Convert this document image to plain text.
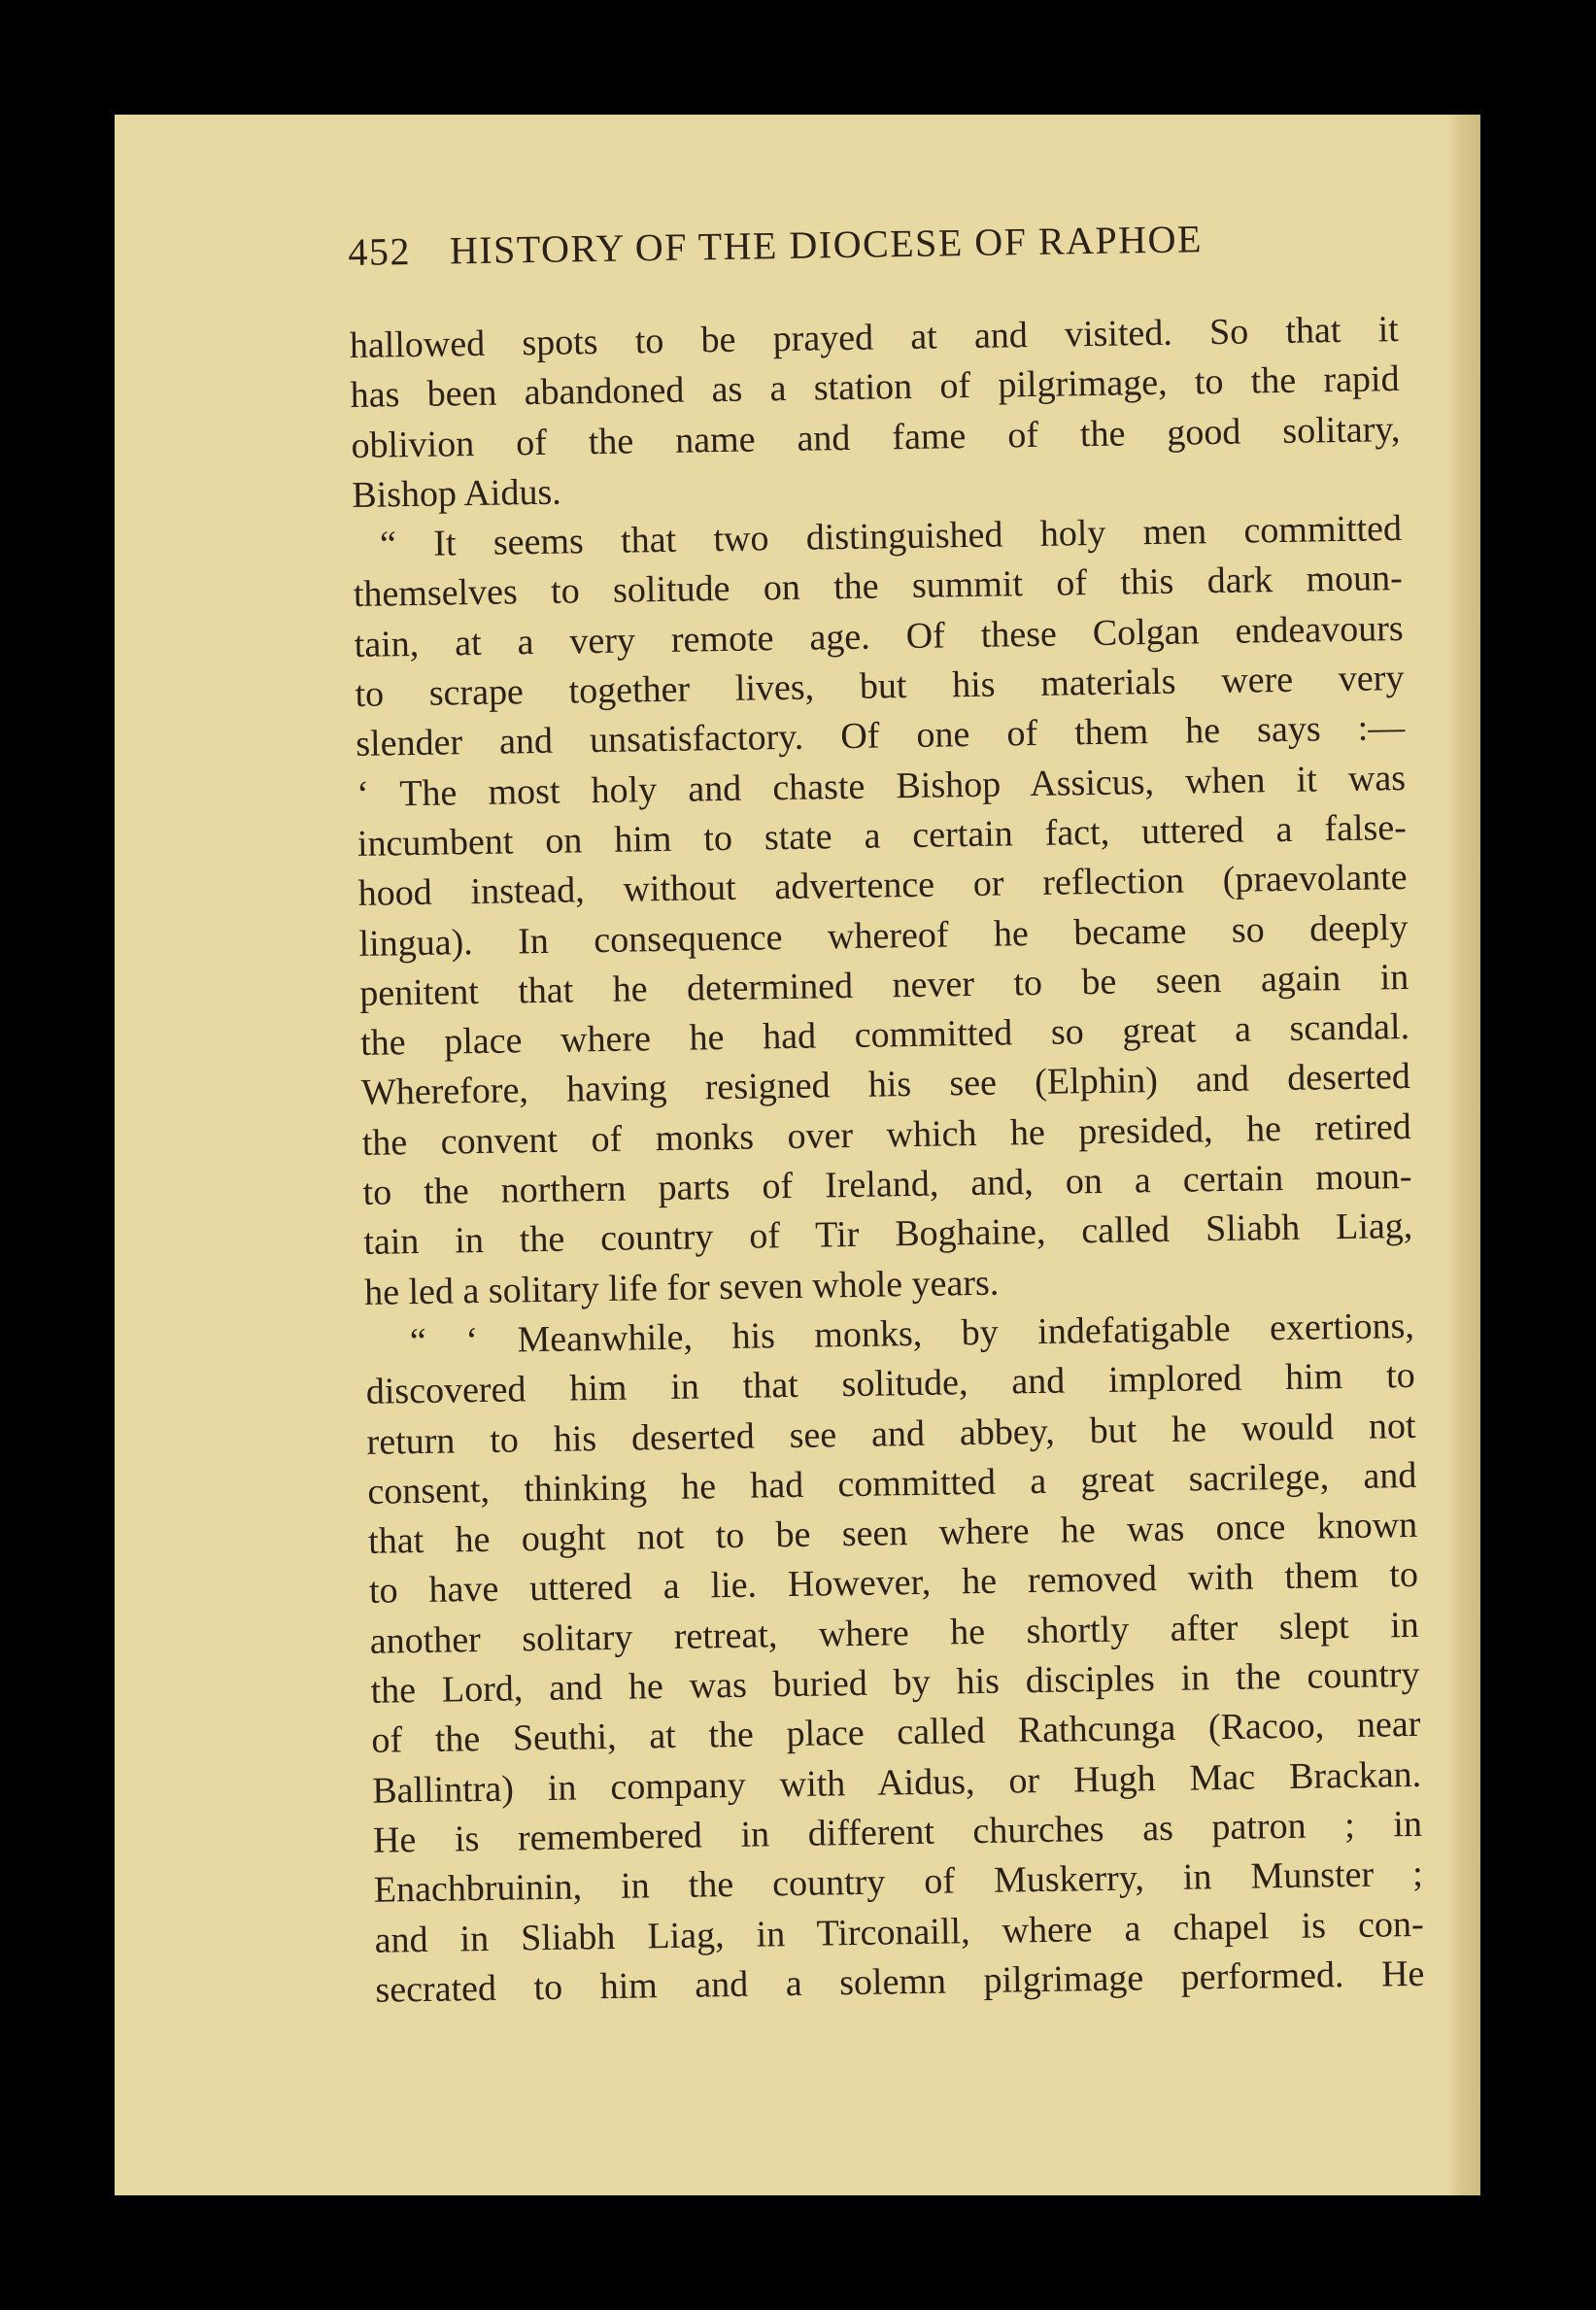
452 HISTORY OF THE DIOCESE OF RAPHOE
hallowed spots to be prayed at and visited. So that it
has been abandoned as a station of pilgrimage, to the rapid
oblivion of the name and fame of the good solitary,
Bishop Aidus.
“ It seems that two distinguished holy men committed
themselves to solitude on the summit of this dark moun-
tain, at a very remote age. Of these Colgan endeavours
to scrape together lives, but his materials were very
slender and unsatisfactory. Of one of them he says :—
‘ The most holy and chaste Bishop Assicus, when it was
incumbent on him to state a certain fact, uttered a false-
hood instead, without advertence or reflection (praevolante
lingua). In consequence whereof he became so deeply
penitent that he determined never to be seen again in
the place where he had committed so great a scandal.
Wherefore, having resigned his see (Elphin) and deserted
the convent of monks over which he presided, he retired
to the northern parts of Ireland, and, on a certain moun-
tain in the country of Tir Boghaine, called Sliabh Liag,
he led a solitary life for seven whole years.
“ ‘ Meanwhile, his monks, by indefatigable exertions,
discovered him in that solitude, and implored him to
return to his deserted see and abbey, but he would not
consent, thinking he had committed a great sacrilege, and
that he ought not to be seen where he was once known
to have uttered a lie. However, he removed with them to
another solitary retreat, where he shortly after slept in
the Lord, and he was buried by his disciples in the country
of the Seuthi, at the place called Rathcunga (Racoo, near
Ballintra) in company with Aidus, or Hugh Mac Brackan.
He is remembered in different churches as patron ; in
Enachbruinin, in the country of Muskerry, in Munster ;
and in Sliabh Liag, in Tirconaill, where a chapel is con-
secrated to him and a solemn pilgrimage performed. He
